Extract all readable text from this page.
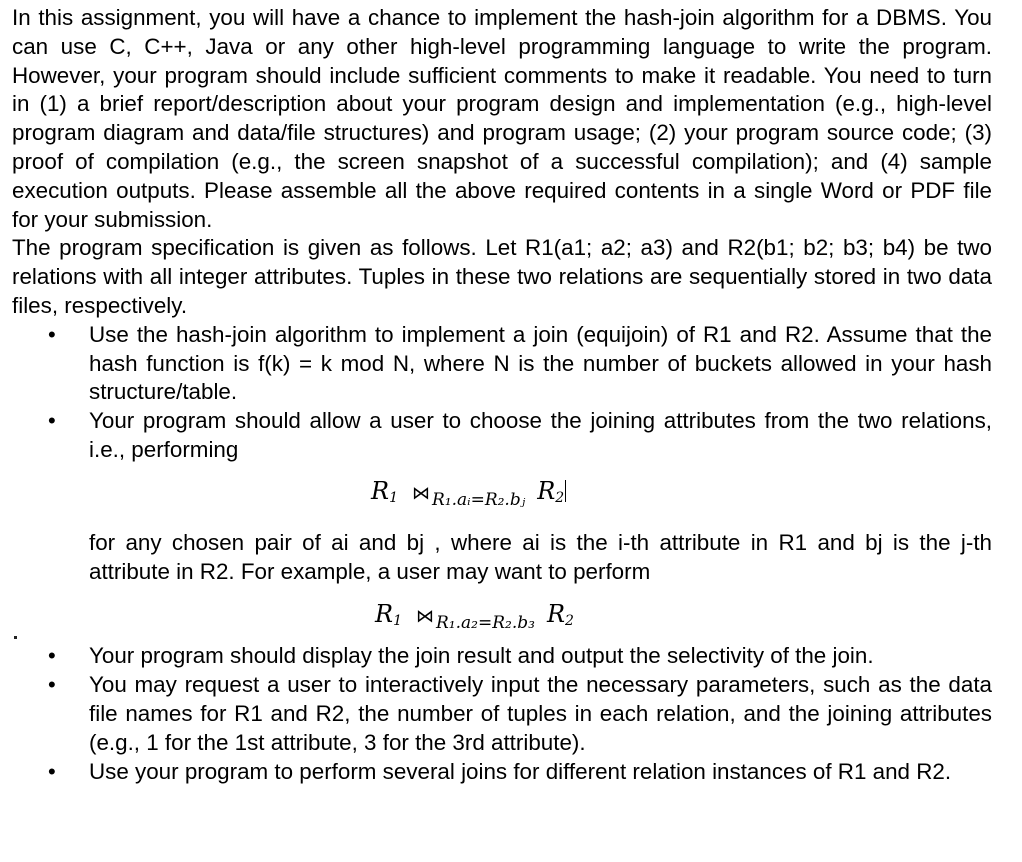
In this assignment, you will have a chance to implement the hash-join algorithm for a DBMS. You can use C, C++, Java or any other high-level programming language to write the program. However, your program should include sufficient comments to make it readable. You need to turn in (1) a brief report/description about your program design and implementation (e.g., high-level program diagram and data/file structures) and program usage; (2) your program source code; (3) proof of compilation (e.g., the screen snapshot of a successful compilation); and (4) sample execution outputs. Please assemble all the above required contents in a single Word or PDF file for your submission.

The program specification is given as follows. Let R1(a1; a2; a3) and R2(b1; b2; b3; b4) be two relations with all integer attributes. Tuples in these two relations are sequentially stored in two data files, respectively.

• Use the hash-join algorithm to implement a join (equijoin) of R1 and R2. Assume that the hash function is f(k) = k mod N, where N is the number of buckets allowed in your hash structure/table.
• Your program should allow a user to choose the joining attributes from the two relations, i.e., performing
$R_1$ ⋈ $_{R_1.aᵢ=R_2.bⱼ}$ $R_2$
for any chosen pair of ai and bj , where ai is the i-th attribute in R1 and bj is the j-th attribute in R2. For example, a user may want to perform
$R_1$ ⋈ $_{R_1.a_2=R_2.b_3}$ $R_2$
• Your program should display the join result and output the selectivity of the join.
• You may request a user to interactively input the necessary parameters, such as the data file names for R1 and R2, the number of tuples in each relation, and the joining attributes (e.g., 1 for the 1st attribute, 3 for the 3rd attribute).
• Use your program to perform several joins for different relation instances of R1 and R2.
